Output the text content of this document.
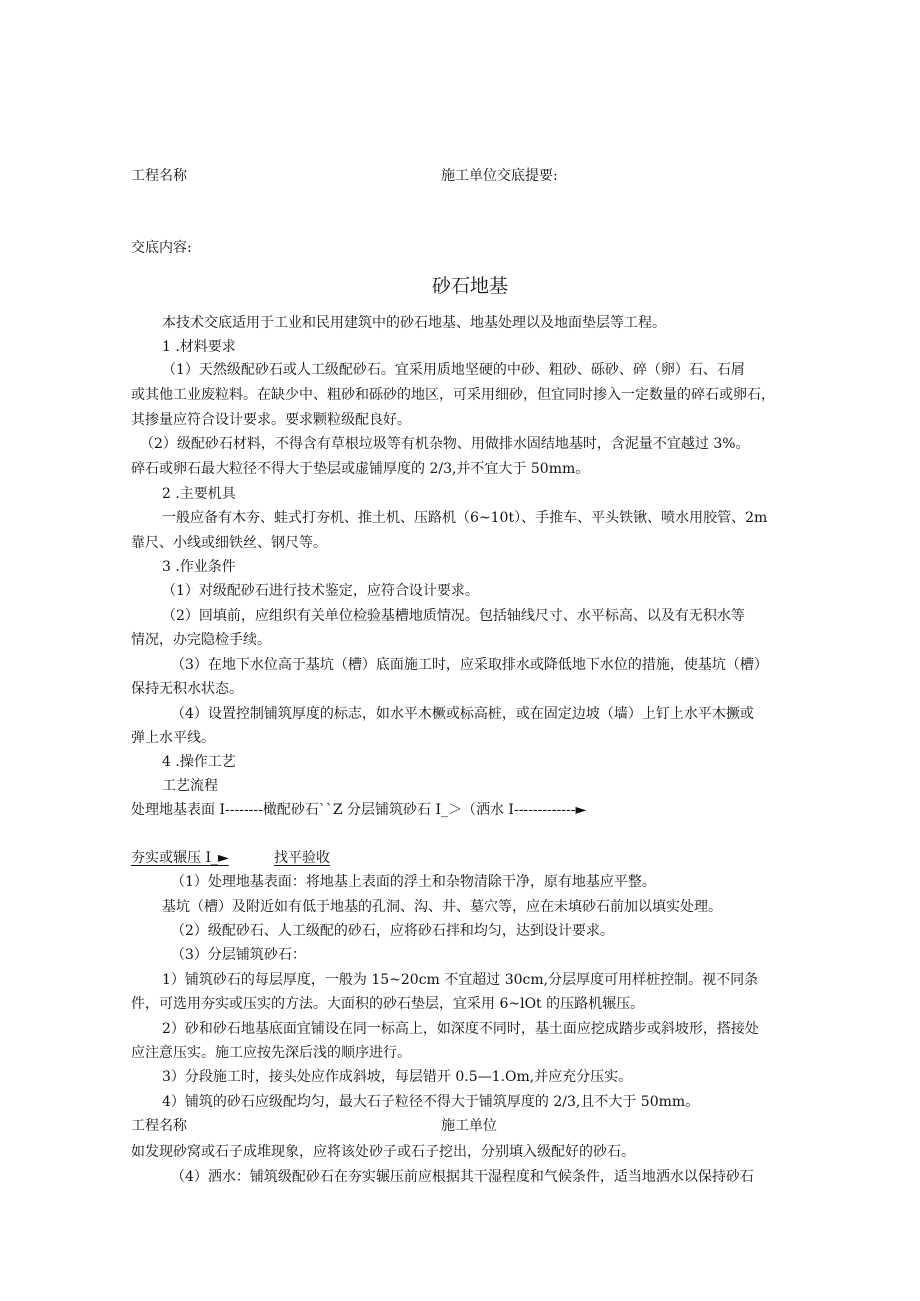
工程名称	施工单位交底提要:
交底内容:
砂石地基
本技术交底适用于工业和民用建筑中的砂石地基、地基处理以及地面垫层等工程。
1 .材料要求
（1）天然级配砂石或人工级配砂石。宜采用质地坚硬的中砂、粗砂、砾砂、碎（卵）石、石屑
或其他工业废粒料。在缺少中、粗砂和砾砂的地区，可采用细砂，但宜同时掺入一定数量的碎石或卵石，
其掺量应符合设计要求。要求颗粒级配良好。
（2）级配砂石材料，不得含有草根垃圾等有机杂物、用做排水固结地基时，含泥量不宜越过 3%。
碎石或卵石最大粒径不得大于垫层或虚铺厚度的 2/3,并不宜大于 50mm。
2 .主要机具
一般应备有木夯、蛙式打夯机、推土机、压路机（6~10t）、手推车、平头铁锹、喷水用胶管、2m
靠尺、小线或细铁丝、钢尺等。
3 .作业条件
（1）对级配砂石进行技术鉴定，应符合设计要求。
（2）回填前，应组织有关单位检验基槽地质情况。包括轴线尺寸、水平标高、以及有无积水等
情况，办完隐检手续。
（3）在地下水位高于基坑（槽）底面施工时，应采取排水或降低地下水位的措施，使基坑（槽）
保持无积水状态。
（4）设置控制铺筑厚度的标志，如水平木橛或标高桩，或在固定边坡（墙）上钉上水平木撅或
弹上水平线。
4 .操作工艺
工艺流程
处理地基表面 I--------橄配砂石``Z 分层铺筑砂石 I_＞（洒水 I-------------►
夯实或辗压 I_►	找平验收
（1）处理地基表面：将地基上表面的浮土和杂物清除干净，原有地基应平整。
基坑（槽）及附近如有低于地基的孔洞、沟、井、墓穴等，应在未填砂石前加以填实处理。
（2）级配砂石、人工级配的砂石，应将砂石拌和均匀，达到设计要求。
（3）分层铺筑砂石：
1）铺筑砂石的每层厚度，一般为 15~20cm 不宜超过 30cm,分层厚度可用样桩控制。视不同条
件，可选用夯实或压实的方法。大面积的砂石垫层，宜采用 6~lOt 的压路机辗压。
2）砂和砂石地基底面宜铺设在同一标高上，如深度不同时，基土面应挖成踏步或斜坡形，搭接处
应注意压实。施工应按先深后浅的顺序进行。
3）分段施工时，接头处应作成斜坡，每层错开 0.5—1.Om,并应充分压实。
4）铺筑的砂石应级配均匀，最大石子粒径不得大于铺筑厚度的 2/3,且不大于 50mm。
工程名称	施工单位
如发现砂窝或石子成堆现象，应将该处砂子或石子挖出，分别填入级配好的砂石。
（4）洒水：铺筑级配砂石在夯实辗压前应根据其干湿程度和气候条件，适当地洒水以保持砂石
